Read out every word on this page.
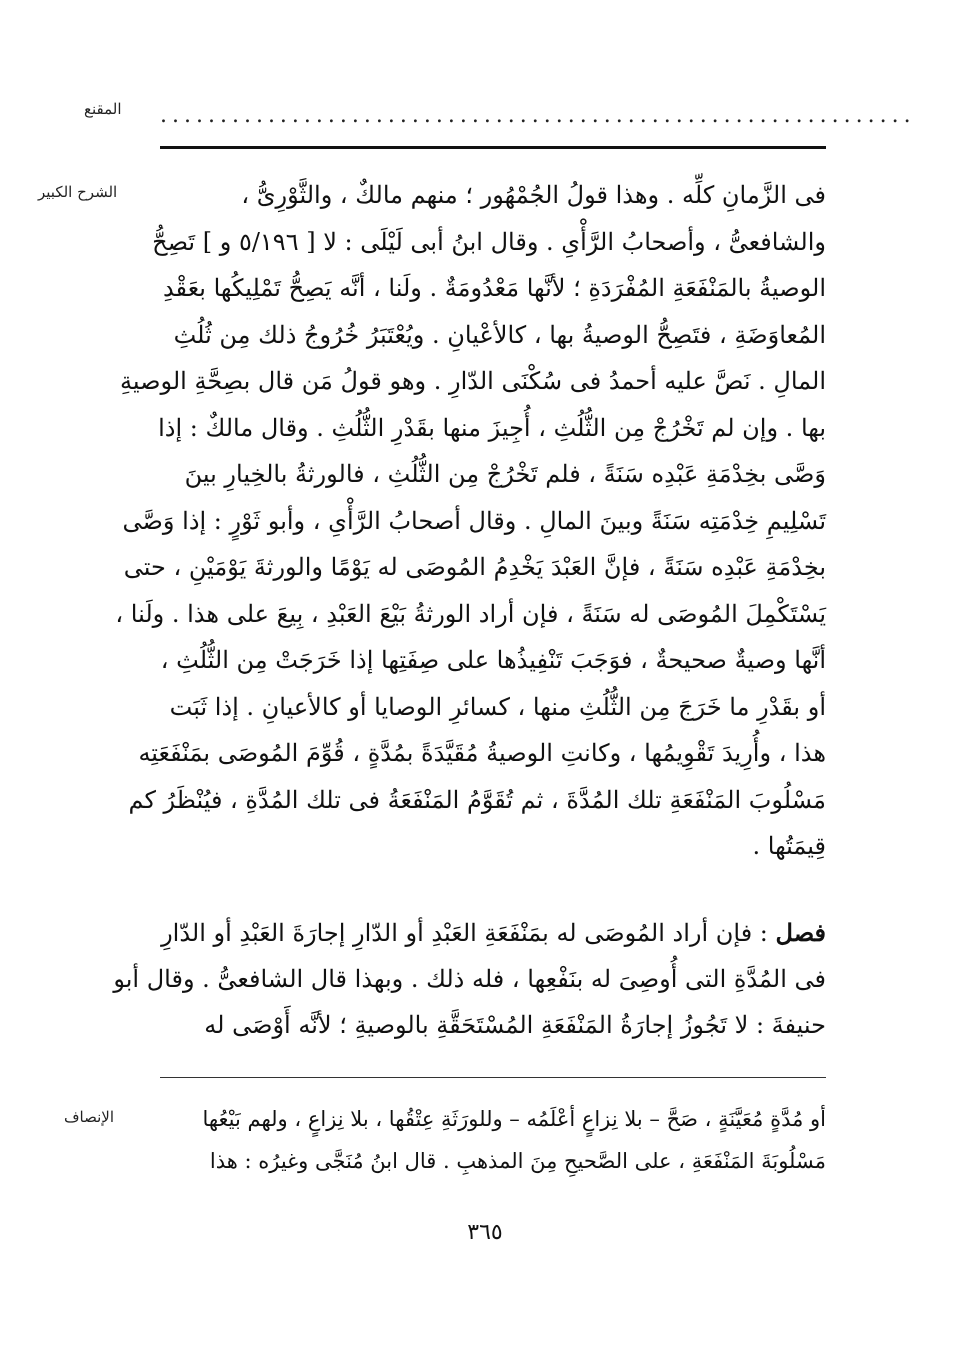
المقنع ...............................................................
الشرح الكبير	فى الزَّمانِ كلِّه . وهذا قولُ الجُمْهُور ؛ منهم مالكٌ ، والثَّوْرِىُّ ،
والشافعىُّ ، وأصحابُ الرَّأْىِ . وقال ابنُ أبى لَيْلَى : لا [ ٥/١٩٦ و ] تَصِحُّ
الوصيةُ بالمَنْفَعَةِ المُفْرَدَةِ ؛ لأنَّها مَعْدُومَةٌ . ولَنا ، أنَّه يَصِحُّ تَمْلِيكُها بعَقْدِ
المُعاوَضَةِ ، فتَصِحُّ الوصيةُ بها ، كالأعْيانِ . ويُعْتَبَرُ خُرُوجُ ذلك مِن ثُلُثِ
المالِ . نَصَّ عليه أحمدُ فى سُكْنَى الدّارِ . وهو قولُ مَن قال بصِحَّةِ الوصيةِ
بها . وإن لم تَخْرُجْ مِن الثُّلُثِ ، أُجِيزَ منها بقَدْرِ الثُّلُثِ . وقال مالكٌ : إذا
وَصَّى بخِدْمَةِ عَبْدِه سَنَةً ، فلم تَخْرُجْ مِن الثُّلُثِ ، فالورثةُ بالخِيارِ بينَ
تَسْلِيمِ خِدْمَتِه سَنَةً وبينَ المالِ . وقال أصحابُ الرَّأْىِ ، وأبو ثَوْرٍ : إذا وَصَّى
بخِدْمَةِ عَبْدِه سَنَةً ، فإنَّ العَبْدَ يَخْدِمُ المُوصَى له يَوْمًا والورثةَ يَوْمَيْنِ ، حتى
يَسْتَكْمِلَ المُوصَى له سَنَةً ، فإن أراد الورثةُ بَيْعَ العَبْدِ ، بِيعَ على هذا . ولَنا ،
أنَّها وصيةٌ صحيحةٌ ، فوَجَبَ تَنْفِيذُها على صِفَتِها إذا خَرَجَتْ مِن الثُّلُثِ ،
أو بقَدْرِ ما خَرَجَ مِن الثُّلُثِ منها ، كسائرِ الوصايا أو كالأعيانِ . إذا ثَبَت
هذا ، وأُرِيدَ تَقْوِيمُها ، وكانتِ الوصيةُ مُقَيَّدَةً بمُدَّةٍ ، قُوِّمَ المُوصَى بمَنْفَعَتِه
مَسْلُوبَ المَنْفَعَةِ تلك المُدَّةَ ، ثم تُقَوَّمُ المَنْفَعَةُ فى تلك المُدَّةِ ، فيُنْظَرُ كم
قِيمَتُها .
فصل : فإن أراد المُوصَى له بمَنْفَعَةِ العَبْدِ أو الدّارِ إجارَةَ العَبْدِ أو الدّارِ
فى المُدَّةِ التى أُوصِىَ له بنَفْعِها ، فله ذلك . وبهذا قال الشافعىُّ . وقال أبو
حنيفةَ : لا تَجُوزُ إجارَةُ المَنْفَعَةِ المُسْتَحَقَّةِ بالوصيةِ ؛ لأنَّه أَوْصَى له
الإنصاف	أو مُدَّةٍ مُعَيَّنَةٍ ، صَحَّ – بلا نِزاعٍ أعْلَمُه – وللورَثَةِ عِتْقُها ، بلا نِزاعٍ ، ولهم بَيْعُها
مَسْلُوبَةَ المَنْفَعَةِ ، على الصَّحيحِ مِنَ المذهبِ . قال ابنُ مُنَجَّى وغيرُه : هذا
٣٦٥
